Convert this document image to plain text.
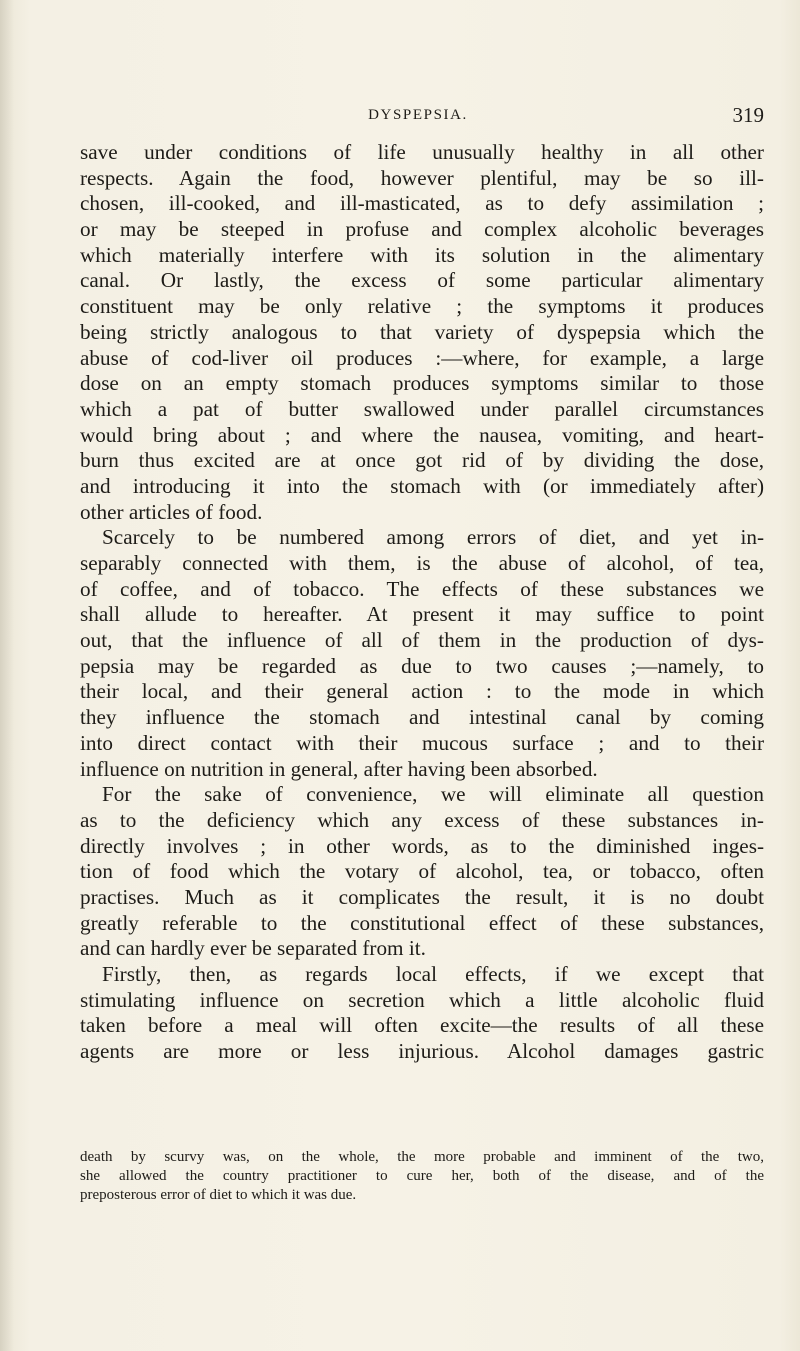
DYSPEPSIA.	319
save under conditions of life unusually healthy in all other
respects. Again the food, however plentiful, may be so ill-
chosen, ill-cooked, and ill-masticated, as to defy assimilation ;
or may be steeped in profuse and complex alcoholic beverages
which materially interfere with its solution in the alimentary
canal. Or lastly, the excess of some particular alimentary
constituent may be only relative ; the symptoms it produces
being strictly analogous to that variety of dyspepsia which the
abuse of cod-liver oil produces :—where, for example, a large
dose on an empty stomach produces symptoms similar to those
which a pat of butter swallowed under parallel circumstances
would bring about ; and where the nausea, vomiting, and heart-
burn thus excited are at once got rid of by dividing the dose,
and introducing it into the stomach with (or immediately after)
other articles of food.
Scarcely to be numbered among errors of diet, and yet in-
separably connected with them, is the abuse of alcohol, of tea,
of coffee, and of tobacco. The effects of these substances we
shall allude to hereafter. At present it may suffice to point
out, that the influence of all of them in the production of dys-
pepsia may be regarded as due to two causes ;—namely, to
their local, and their general action : to the mode in which
they influence the stomach and intestinal canal by coming
into direct contact with their mucous surface ; and to their
influence on nutrition in general, after having been absorbed.
For the sake of convenience, we will eliminate all question
as to the deficiency which any excess of these substances in-
directly involves ; in other words, as to the diminished inges-
tion of food which the votary of alcohol, tea, or tobacco, often
practises. Much as it complicates the result, it is no doubt
greatly referable to the constitutional effect of these substances,
and can hardly ever be separated from it.
Firstly, then, as regards local effects, if we except that
stimulating influence on secretion which a little alcoholic fluid
taken before a meal will often excite—the results of all these
agents are more or less injurious. Alcohol damages gastric
death by scurvy was, on the whole, the more probable and imminent of the two,
she allowed the country practitioner to cure her, both of the disease, and of the
preposterous error of diet to which it was due.
